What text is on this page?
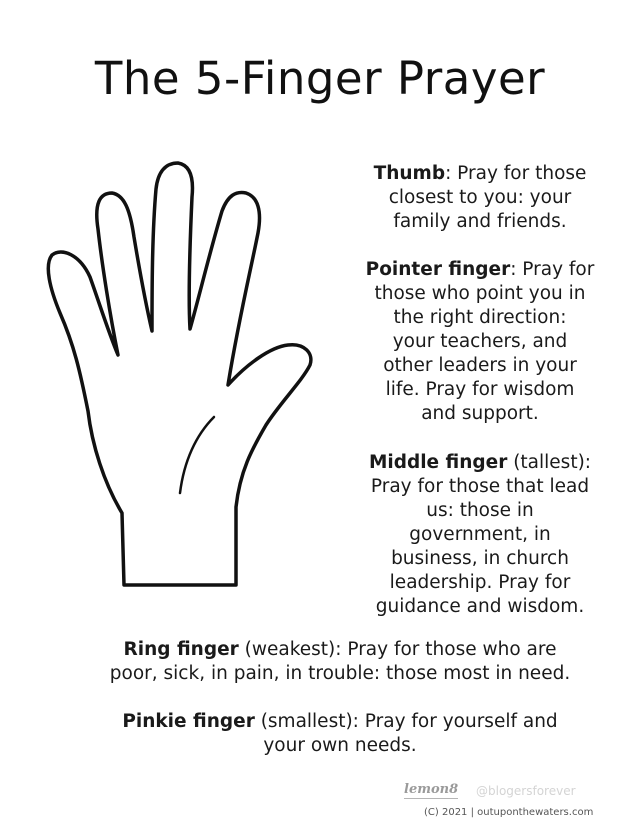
The 5-Finger Prayer
Thumb: Pray for those
closest to you: your
family and friends.
Pointer finger: Pray for
those who point you in
the right direction:
your teachers, and
other leaders in your
life. Pray for wisdom
and support.
Middle finger (tallest):
Pray for those that lead
us: those in
government, in
business, in church
leadership. Pray for
guidance and wisdom.
Ring finger (weakest): Pray for those who are
poor, sick, in pain, in trouble: those most in need.
Pinkie finger (smallest): Pray for yourself and
your own needs.
lemon8 @blogersforever
(C) 2021 | outuponthewaters.com
